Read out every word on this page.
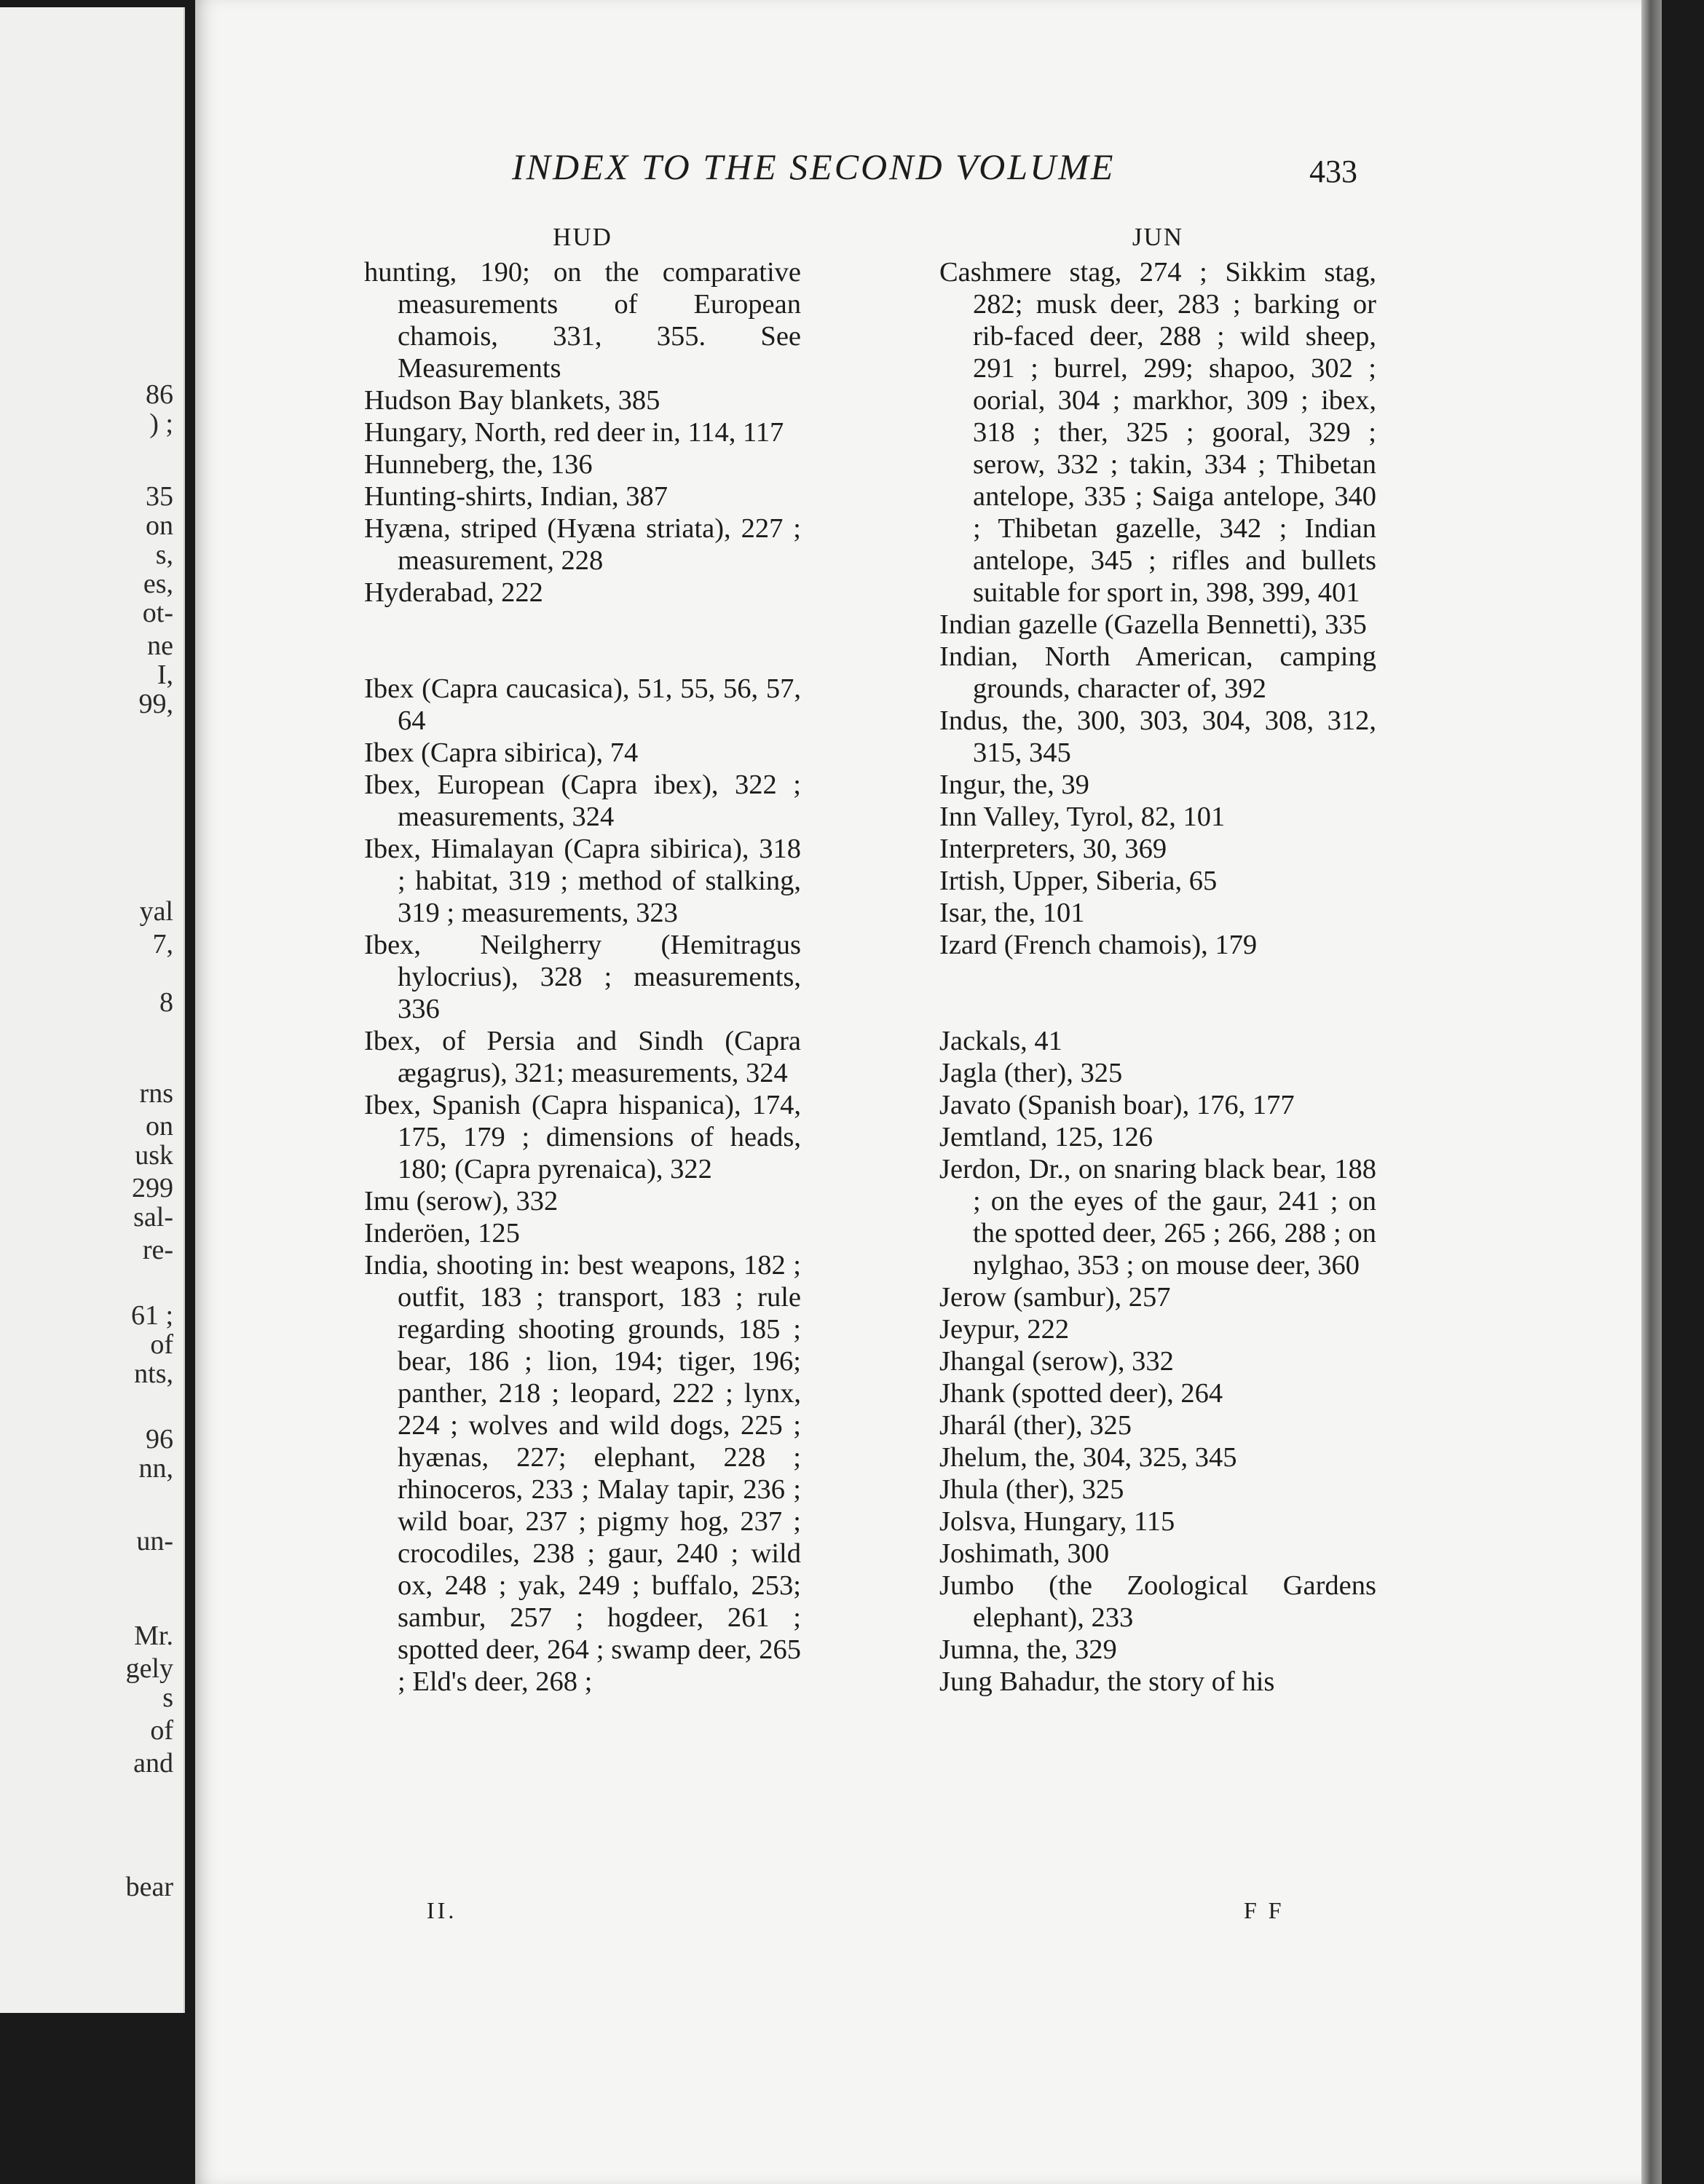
86
) ;
35
on
s,
es,
ot-
ne
I,
99,
yal
7,
8
rns
on
usk
299
sal-
re-
61 ;
of
nts,
96
nn,
un-
Mr.
gely
s
of
and
bear
INDEX TO THE SECOND VOLUME	433
HUD
hunting, 190; on the comparative measurements of European chamois, 331, 355. See Measurements
Hudson Bay blankets, 385
Hungary, North, red deer in, 114, 117
Hunneberg, the, 136
Hunting-shirts, Indian, 387
Hyæna, striped (Hyæna striata), 227 ; measurement, 228
Hyderabad, 222
Ibex (Capra caucasica), 51, 55, 56, 57, 64
Ibex (Capra sibirica), 74
Ibex, European (Capra ibex), 322 ; measurements, 324
Ibex, Himalayan (Capra sibirica), 318 ; habitat, 319 ; method of stalking, 319 ; measurements, 323
Ibex, Neilgherry (Hemitragus hylocrius), 328 ; measurements, 336
Ibex, of Persia and Sindh (Capra ægagrus), 321; measurements, 324
Ibex, Spanish (Capra hispanica), 174, 175, 179 ; dimensions of heads, 180; (Capra pyrenaica), 322
Imu (serow), 332
Inderöen, 125
India, shooting in: best weapons, 182 ; outfit, 183 ; transport, 183 ; rule regarding shooting grounds, 185 ; bear, 186 ; lion, 194; tiger, 196; panther, 218 ; leopard, 222 ; lynx, 224 ; wolves and wild dogs, 225 ; hyænas, 227; elephant, 228 ; rhinoceros, 233 ; Malay tapir, 236 ; wild boar, 237 ; pigmy hog, 237 ; crocodiles, 238 ; gaur, 240 ; wild ox, 248 ; yak, 249 ; buffalo, 253; sambur, 257 ; hogdeer, 261 ; spotted deer, 264 ; swamp deer, 265 ; Eld's deer, 268 ;
JUN
Cashmere stag, 274 ; Sikkim stag, 282; musk deer, 283 ; barking or rib-faced deer, 288 ; wild sheep, 291 ; burrel, 299; shapoo, 302 ; oorial, 304 ; markhor, 309 ; ibex, 318 ; ther, 325 ; gooral, 329 ; serow, 332 ; takin, 334 ; Thibetan antelope, 335 ; Saiga antelope, 340 ; Thibetan gazelle, 342 ; Indian antelope, 345 ; rifles and bullets suitable for sport in, 398, 399, 401
Indian gazelle (Gazella Bennetti), 335
Indian, North American, camping grounds, character of, 392
Indus, the, 300, 303, 304, 308, 312, 315, 345
Ingur, the, 39
Inn Valley, Tyrol, 82, 101
Interpreters, 30, 369
Irtish, Upper, Siberia, 65
Isar, the, 101
Izard (French chamois), 179
Jackals, 41
Jagla (ther), 325
Javato (Spanish boar), 176, 177
Jemtland, 125, 126
Jerdon, Dr., on snaring black bear, 188 ; on the eyes of the gaur, 241 ; on the spotted deer, 265 ; 266, 288 ; on nylghao, 353 ; on mouse deer, 360
Jerow (sambur), 257
Jeypur, 222
Jhangal (serow), 332
Jhank (spotted deer), 264
Jharál (ther), 325
Jhelum, the, 304, 325, 345
Jhula (ther), 325
Jolsva, Hungary, 115
Joshimath, 300
Jumbo (the Zoological Gardens elephant), 233
Jumna, the, 329
Jung Bahadur, the story of his
II.	F F
